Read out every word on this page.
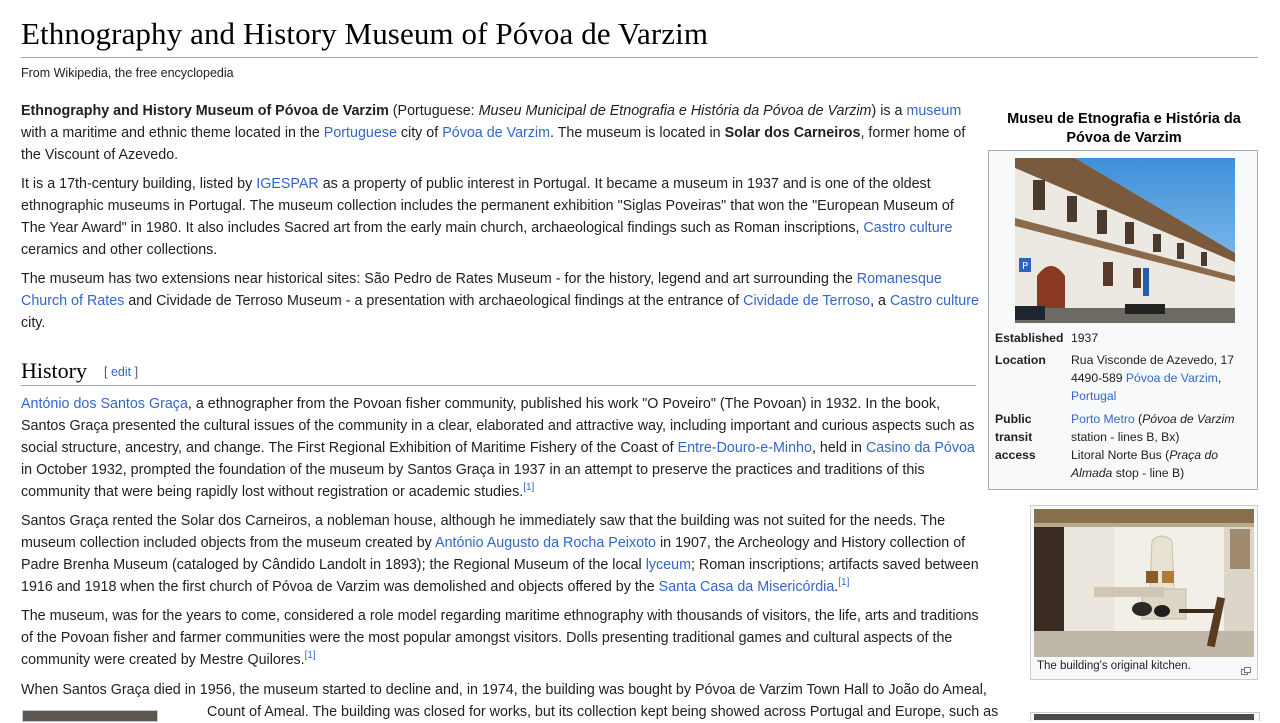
Ethnography and History Museum of Póvoa de Varzim
From Wikipedia, the free encyclopedia

Ethnography and History Museum of Póvoa de Varzim (Portuguese: Museu Municipal de Etnografia e História da Póvoa de Varzim) is a museum with a maritime and ethnic theme located in the Portuguese city of Póvoa de Varzim. The museum is located in Solar dos Carneiros, former home of the Viscount of Azevedo.

It is a 17th-century building, listed by IGESPAR as a property of public interest in Portugal. It became a museum in 1937 and is one of the oldest ethnographic museums in Portugal. The museum collection includes the permanent exhibition "Siglas Poveiras" that won the "European Museum of The Year Award" in 1980. It also includes Sacred art from the early main church, archaeological findings such as Roman inscriptions, Castro culture ceramics and other collections.

The museum has two extensions near historical sites: São Pedro de Rates Museum - for the history, legend and art surrounding the Romanesque Church of Rates and Cividade de Terroso Museum - a presentation with archaeological findings at the entrance of Cividade de Terroso, a Castro culture city.

History [ edit ]

António dos Santos Graça, a ethnographer from the Povoan fisher community, published his work "O Poveiro" (The Povoan) in 1932. In the book, Santos Graça presented the cultural issues of the community in a clear, elaborated and attractive way, including important and curious aspects such as social structure, ancestry, and change. The First Regional Exhibition of Maritime Fishery of the Coast of Entre-Douro-e-Minho, held in Casino da Póvoa in October 1932, prompted the foundation of the museum by Santos Graça in 1937 in an attempt to preserve the practices and traditions of this community that were being rapidly lost without registration or academic studies.[1]

Santos Graça rented the Solar dos Carneiros, a nobleman house, although he immediately saw that the building was not suited for the needs. The museum collection included objects from the museum created by António Augusto da Rocha Peixoto in 1907, the Archeology and History collection of Padre Brenha Museum (cataloged by Cândido Landolt in 1893); the Regional Museum of the local lyceum; Roman inscriptions; artifacts saved between 1916 and 1918 when the first church of Póvoa de Varzim was demolished and objects offered by the Santa Casa da Misericórdia.[1]

The museum, was for the years to come, considered a role model regarding maritime ethnography with thousands of visitors, the life, arts and traditions of the Povoan fisher and farmer communities were the most popular amongst visitors. Dolls presenting traditional games and cultural aspects of the community were created by Mestre Quilores.[1]

When Santos Graça died in 1956, the museum started to decline and, in 1974, the building was bought by Póvoa de Varzim Town Hall to João do Ameal,
Count of Ameal. The building was closed for works, but its collection kept being showed across Portugal and Europe, such as
Museu de Etnografia e História da Póvoa de Varzim
P
Established 1937
Location	Rua Visconde de Azevedo, 17 4490-589 Póvoa de Varzim, Portugal
Public transit access
Porto Metro (Póvoa de Varzim station - lines B, Bx)
Litoral Norte Bus (Praça do Almada stop - line B)
The building's original kitchen.
